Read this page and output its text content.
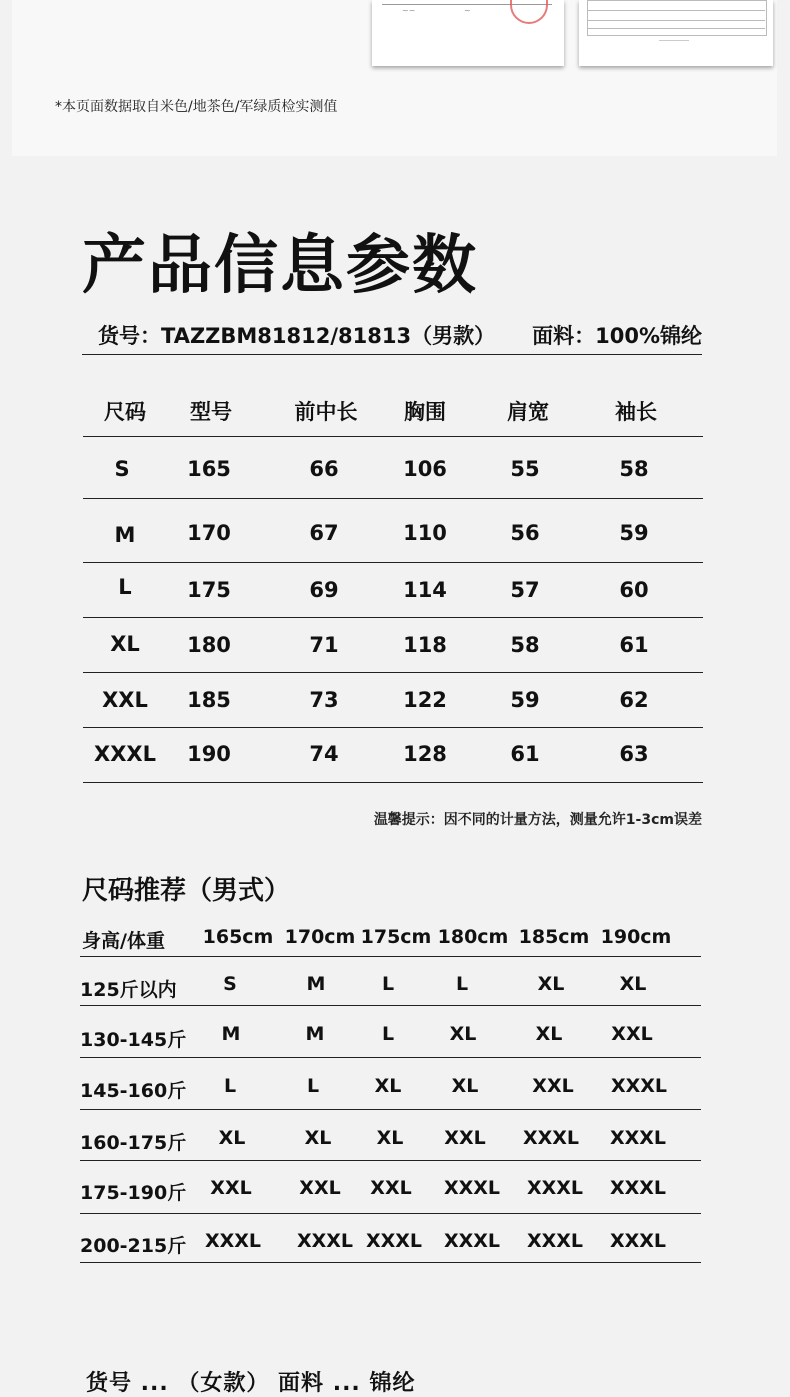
~~	~
*本页面数据取自米色/地茶色/军绿质检实测值
产品信息参数
货号：TAZZBM81812/81813（男款） 面料：100%锦纶
尺码 型号	前中长 胸围	肩宽	袖长
S	165	66	106	55	58
M 170	67	110	56	59
L	175	69	114	57	60
XL 180	71	118	58	61
XXL 185	73	122	59	62
XXXL 190	74	128	61	63
温馨提示：因不同的计量方法，测量允许1-3cm误差
尺码推荐（男式）
身高/体重 165cm 170cm 175cm 180cm 185cm 190cm
125斤以内 S	M	L	L	XL	XL
130-145斤 M	M	L	XL	XL	XXL
145-160斤 L	L	XL	XL	XXL XXXL
160-175斤 XL	XL XL XXL XXXL XXXL
175-190斤 XXL	XXL XXL XXXL XXXL XXXL
200-215斤 XXXL XXXL XXXL XXXL XXXL XXXL
货号 ... （女款） 面料 ... 锦纶
